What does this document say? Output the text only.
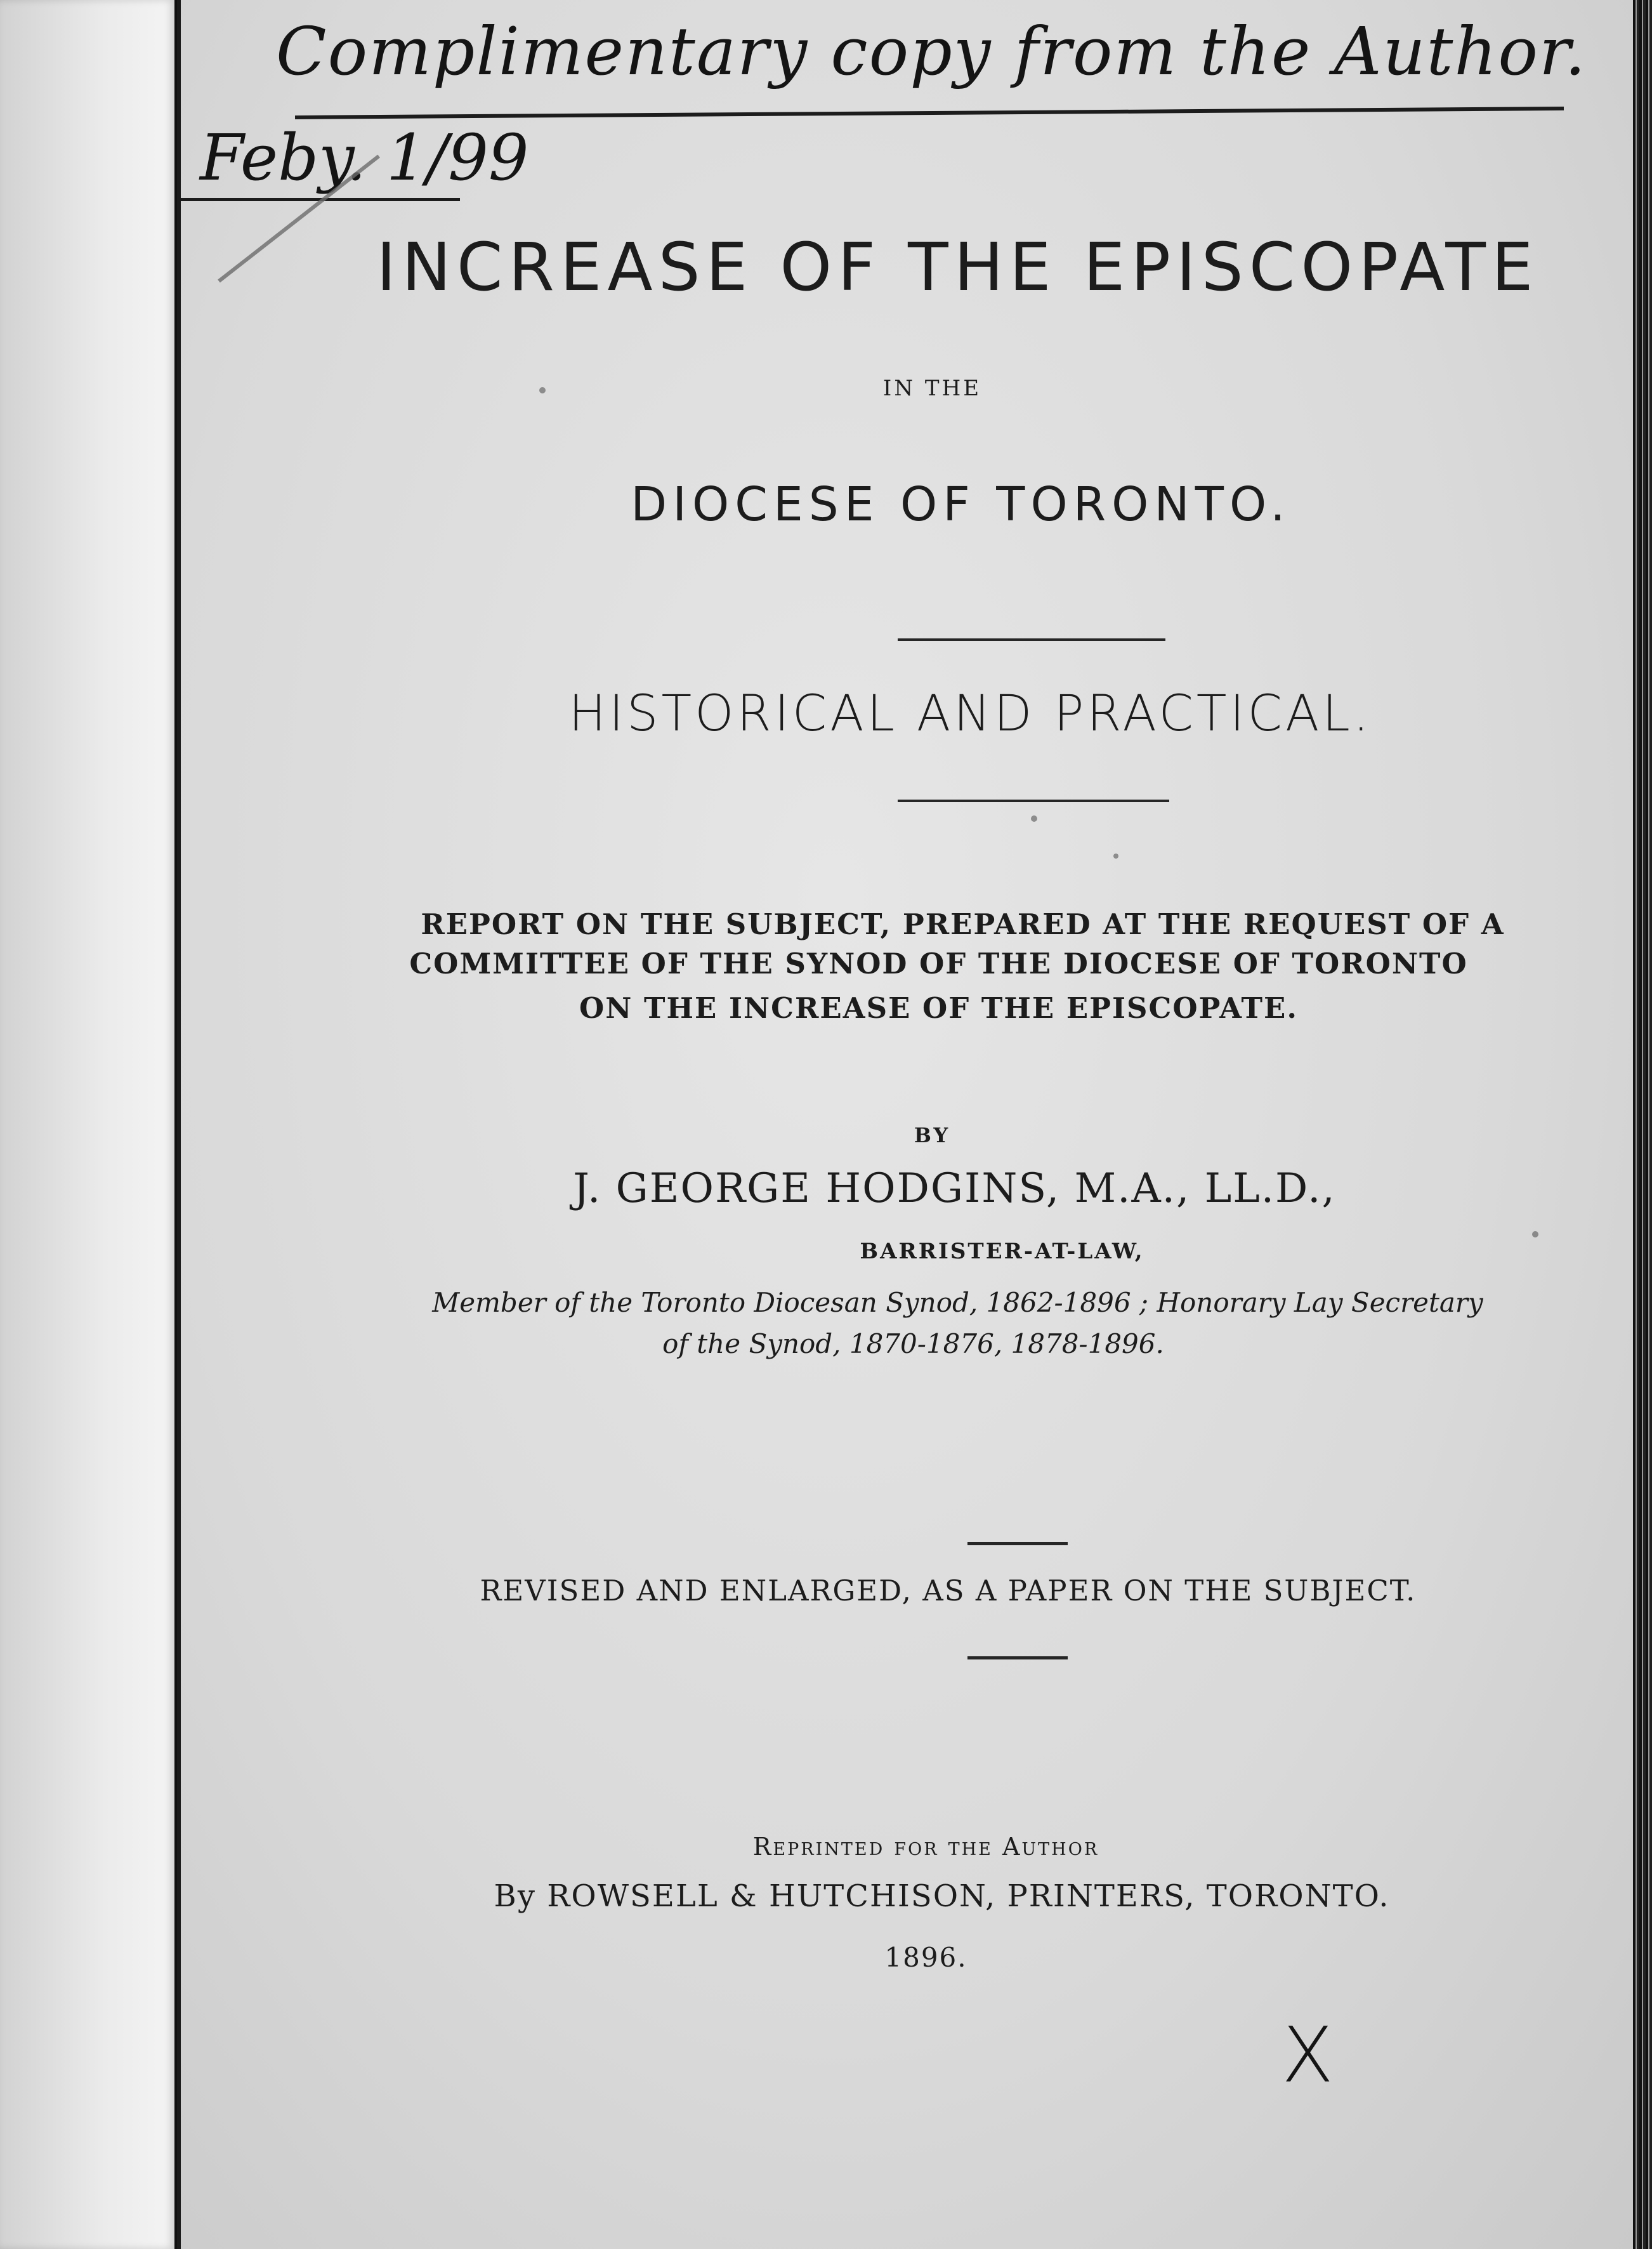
Complimentary copy from the Author.
Feby. 1/99
INCREASE OF THE EPISCOPATE
IN THE
DIOCESE OF TORONTO.
HISTORICAL AND PRACTICAL.
REPORT ON THE SUBJECT, PREPARED AT THE REQUEST OF A
COMMITTEE OF THE SYNOD OF THE DIOCESE OF TORONTO
ON THE INCREASE OF THE EPISCOPATE.
BY
J. GEORGE HODGINS, M.A., LL.D.,
BARRISTER-AT-LAW,
Member of the Toronto Diocesan Synod, 1862-1896 ; Honorary Lay Secretary
of the Synod, 1870-1876, 1878-1896.
REVISED AND ENLARGED, AS A PAPER ON THE SUBJECT.
Reprinted for the Author
By ROWSELL & HUTCHISON, PRINTERS, TORONTO.
1896.
X
